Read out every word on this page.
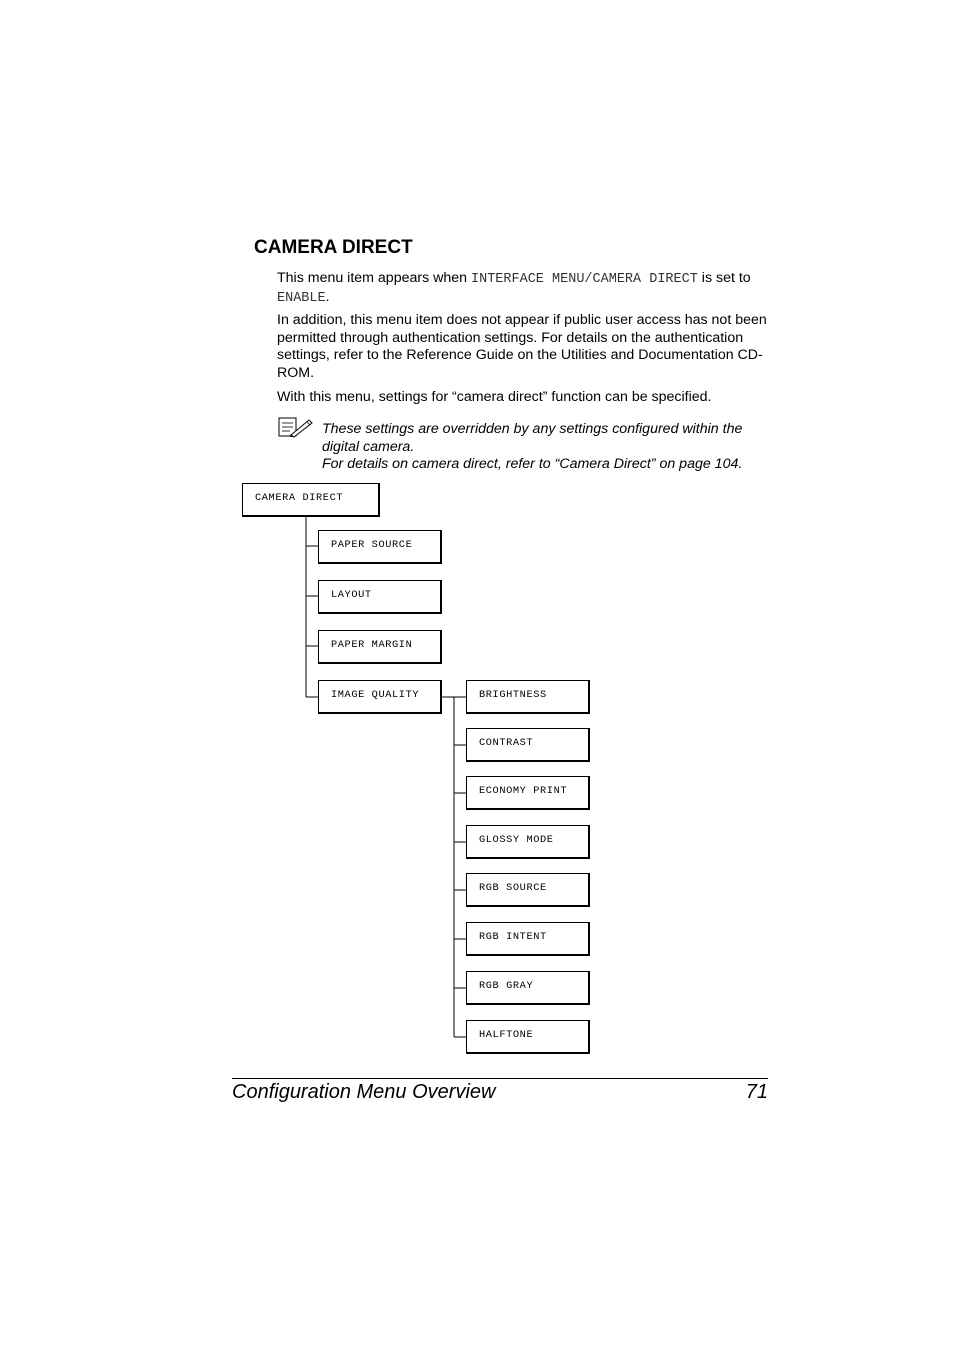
CAMERA DIRECT

This menu item appears when INTERFACE MENU/CAMERA DIRECT is set to ENABLE.

In addition, this menu item does not appear if public user access has not been permitted through authentication settings. For details on the authentication settings, refer to the Reference Guide on the Utilities and Documentation CD-ROM.

With this menu, settings for “camera direct” function can be specified.

These settings are overridden by any settings configured within the digital camera.
For details on camera direct, refer to “Camera Direct” on page 104.
CAMERA DIRECT
PAPER SOURCE
LAYOUT
PAPER MARGIN
IMAGE QUALITY	BRIGHTNESS
CONTRAST
ECONOMY PRINT
GLOSSY MODE
RGB SOURCE
RGB INTENT
RGB GRAY
HALFTONE
Configuration Menu Overview	71
